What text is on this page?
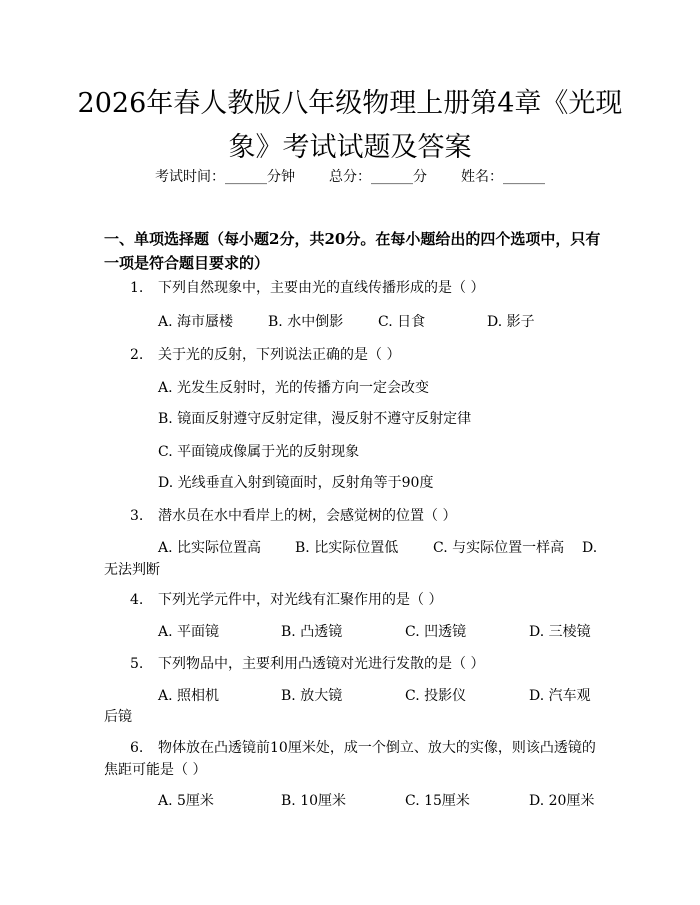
2026年春人教版八年级物理上册第4章《光现象》考试试题及答案
考试时间：______分钟 总分：______分 姓名：______

一、单项选择题（每小题2分，共20分。在每小题给出的四个选项中，只有一项是符合题目要求的）

1. 下列自然现象中，主要由光的直线传播形成的是（ ）
A. 海市蜃楼 B. 水中倒影 C. 日食	D. 影子
2. 关于光的反射，下列说法正确的是（ ）
A. 光发生反射时，光的传播方向一定会改变
B. 镜面反射遵守反射定律，漫反射不遵守反射定律
C. 平面镜成像属于光的反射现象
D. 光线垂直入射到镜面时，反射角等于90度
3. 潜水员在水中看岸上的树，会感觉树的位置（ ）
A. 比实际位置高 B. 比实际位置低 C. 与实际位置一样高 D.
无法判断
4. 下列光学元件中，对光线有汇聚作用的是（ ）
A. 平面镜	B. 凸透镜	C. 凹透镜	D. 三棱镜
5. 下列物品中，主要利用凸透镜对光进行发散的是（ ）
A. 照相机	B. 放大镜	C. 投影仪	D. 汽车观
后镜
6. 物体放在凸透镜前10厘米处，成一个倒立、放大的实像，则该凸透镜的
焦距可能是（ ）
A. 5厘米	B. 10厘米	C. 15厘米	D. 20厘米
